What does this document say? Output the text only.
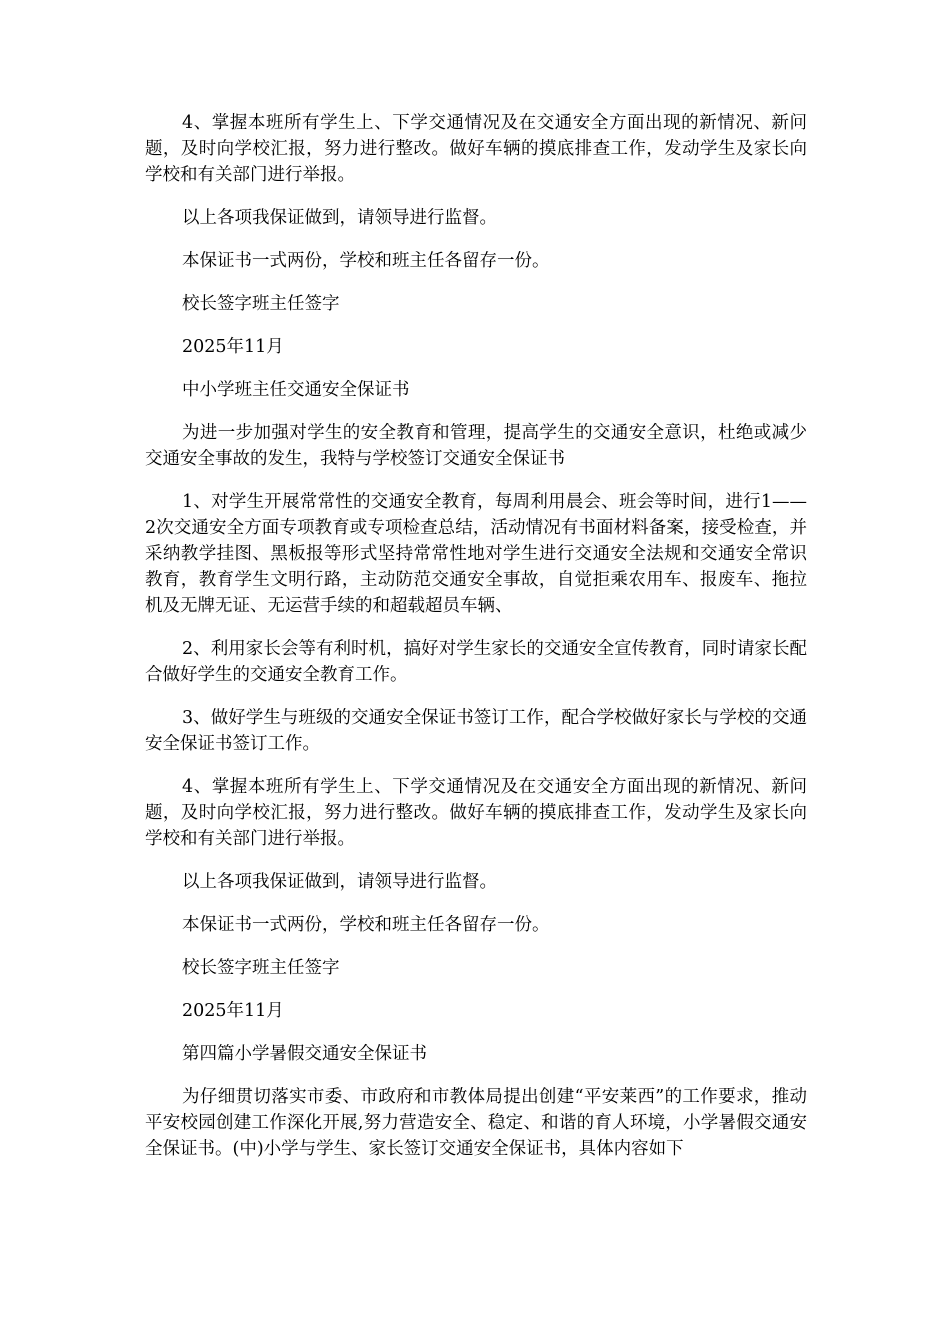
4、掌握本班所有学生上、下学交通情况及在交通安全方面出现的新情况、新问题，及时向学校汇报，努力进行整改。做好车辆的摸底排查工作，发动学生及家长向学校和有关部门进行举报。

以上各项我保证做到，请领导进行监督。

本保证书一式两份，学校和班主任各留存一份。

校长签字班主任签字

2025年11月

中小学班主任交通安全保证书

为进一步加强对学生的安全教育和管理，提高学生的交通安全意识，杜绝或减少交通安全事故的发生，我特与学校签订交通安全保证书

1、对学生开展常常性的交通安全教育，每周利用晨会、班会等时间，进行1——2次交通安全方面专项教育或专项检查总结，活动情况有书面材料备案，接受检查，并采纳教学挂图、黑板报等形式坚持常常性地对学生进行交通安全法规和交通安全常识教育，教育学生文明行路，主动防范交通安全事故，自觉拒乘农用车、报废车、拖拉机及无牌无证、无运营手续的和超载超员车辆、

2、利用家长会等有利时机，搞好对学生家长的交通安全宣传教育，同时请家长配合做好学生的交通安全教育工作。

3、做好学生与班级的交通安全保证书签订工作，配合学校做好家长与学校的交通安全保证书签订工作。

4、掌握本班所有学生上、下学交通情况及在交通安全方面出现的新情况、新问题，及时向学校汇报，努力进行整改。做好车辆的摸底排查工作，发动学生及家长向学校和有关部门进行举报。

以上各项我保证做到，请领导进行监督。

本保证书一式两份，学校和班主任各留存一份。

校长签字班主任签字

2025年11月

第四篇小学暑假交通安全保证书

为仔细贯切落实市委、市政府和市教体局提出创建“平安莱西”的工作要求，推动平安校园创建工作深化开展,努力营造安全、稳定、和谐的育人环境，小学暑假交通安全保证书。(中)小学与学生、家长签订交通安全保证书，具体内容如下
